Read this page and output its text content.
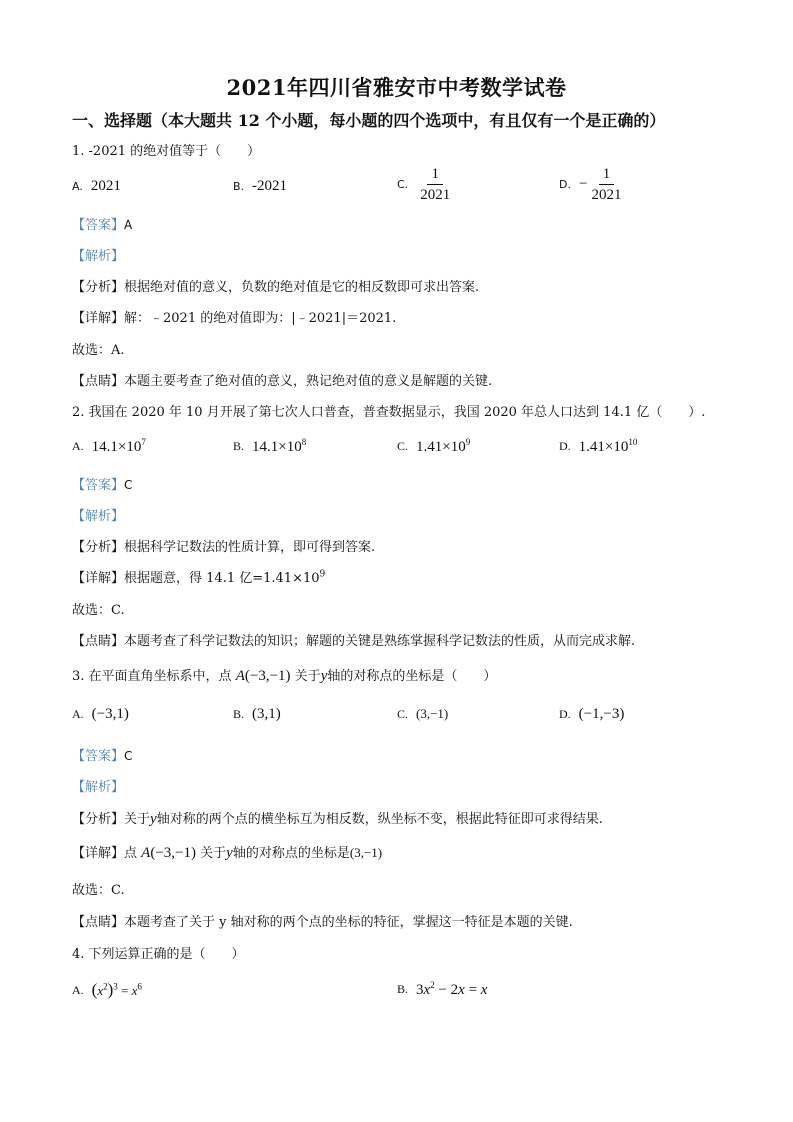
2021年四川省雅安市中考数学试卷
一、选择题（本大题共 12 个小题，每小题的四个选项中，有且仅有一个是正确的）
1. -2021 的绝对值等于（　　）
A. 2021	B. -2021	C. $\frac{1}{2021}$	D. − $\frac{1}{2021}$
【答案】A
【解析】
【分析】根据绝对值的意义，负数的绝对值是它的相反数即可求出答案.
【详解】解：﹣2021 的绝对值即为：|﹣2021|＝2021.
故选：A.
【点睛】本题主要考查了绝对值的意义，熟记绝对值的意义是解题的关键.
2. 我国在 2020 年 10 月开展了第七次人口普查，普查数据显示，我国 2020 年总人口达到 14.1 亿（　　）.
A. $14.1\times 10^7$	B. $14.1\times 10^8$	C. $1.41\times 10^9$	D. $1.41\times 10^{10}$
【答案】C
【解析】
【分析】根据科学记数法的性质计算，即可得到答案.
【详解】根据题意，得 14.1 亿$=1.41\times 10^9$
故选：C.
【点睛】本题考查了科学记数法的知识；解题的关键是熟练掌握科学记数法的性质，从而完成求解.
3. 在平面直角坐标系中，点 A(−3,−1) 关于y轴的对称点的坐标是（　　）
A. (−3,1)	B. (3,1)	C. (3,−1)	D. (−1,−3)
【答案】C
【解析】
【分析】关于y轴对称的两个点的横坐标互为相反数，纵坐标不变，根据此特征即可求得结果.
【详解】点 A(−3,−1) 关于y轴的对称点的坐标是(3,−1)
故选：C.
【点睛】本题考查了关于 y 轴对称的两个点的坐标的特征，掌握这一特征是本题的关键.
4. 下列运算正确的是（　　）
A. $(x^2)^3 = x^6$	B. $3x^2 - 2x = x$
